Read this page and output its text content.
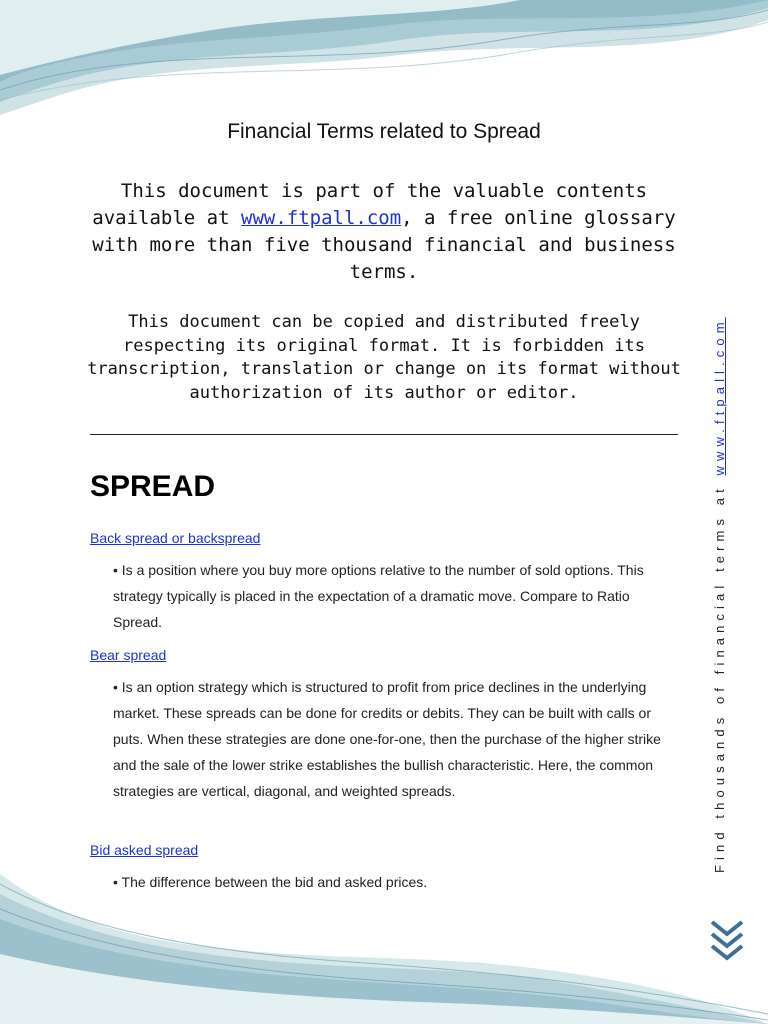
Financial Terms related to Spread
This document is part of the valuable contents available at www.ftpall.com, a free online glossary with more than five thousand financial and business terms.
This document can be copied and distributed freely respecting its original format. It is forbidden its transcription, translation or change on its format without authorization of its author or editor.
SPREAD
Back spread or backspread
• Is a position where you buy more options relative to the number of sold options. This strategy typically is placed in the expectation of a dramatic move. Compare to Ratio Spread.
Bear spread
• Is an option strategy which is structured to profit from price declines in the underlying market. These spreads can be done for credits or debits. They can be built with calls or puts. When these strategies are done one-for-one, then the purchase of the higher strike and the sale of the lower strike establishes the bullish characteristic. Here, the common strategies are vertical, diagonal, and weighted spreads.
Bid asked spread
• The difference between the bid and asked prices.
Find thousands of financial terms at www.ftpall.com
